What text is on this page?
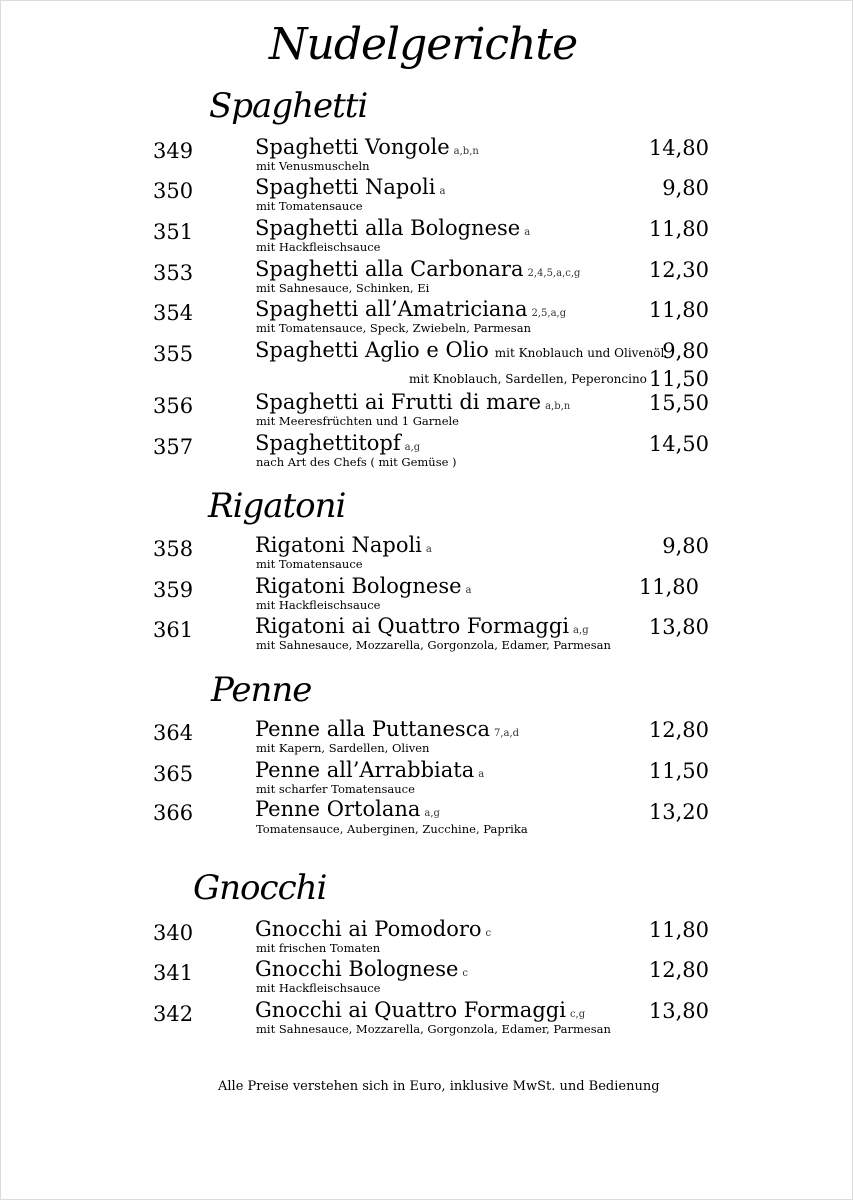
Nudelgerichte
Spaghetti
349	Spaghetti Vongole a,b,n
mit Venusmuscheln
14,80
350	Spaghetti Napoli a
mit Tomatensauce
9,80
351	Spaghetti alla Bolognese a
mit Hackfleischsauce
11,80
353	Spaghetti alla Carbonara 2,4,5,a,c,g
mit Sahnesauce, Schinken, Ei
12,30
354	Spaghetti all’Amatriciana 2,5,a,g
mit Tomatensauce, Speck, Zwiebeln, Parmesan
11,80
355	Spaghetti Aglio e Olio mit Knoblauch und Olivenöl
9,80
mit Knoblauch, Sardellen, Peperoncino 11,50
356	Spaghetti ai Frutti di mare a,b,n
mit Meeresfrüchten und 1 Garnele
15,50
357	Spaghettitopf a,g
nach Art des Chefs ( mit Gemüse )
14,50
Rigatoni
358	Rigatoni Napoli a
mit Tomatensauce
9,80
359	Rigatoni Bolognese a
mit Hackfleischsauce
11,80
361	Rigatoni ai Quattro Formaggi a,g
mit Sahnesauce, Mozzarella, Gorgonzola, Edamer, Parmesan
13,80
Penne
364	Penne alla Puttanesca 7,a,d
mit Kapern, Sardellen, Oliven
12,80
365	Penne all’Arrabbiata a
mit scharfer Tomatensauce
11,50
366	Penne Ortolana a,g
Tomatensauce, Auberginen, Zucchine, Paprika
13,20
Gnocchi
340	Gnocchi ai Pomodoro c
mit frischen Tomaten
11,80
341	Gnocchi Bolognese c
mit Hackfleischsauce
12,80
342	Gnocchi ai Quattro Formaggi c,g
mit Sahnesauce, Mozzarella, Gorgonzola, Edamer, Parmesan
13,80
Alle Preise verstehen sich in Euro, inklusive MwSt. und Bedienung
